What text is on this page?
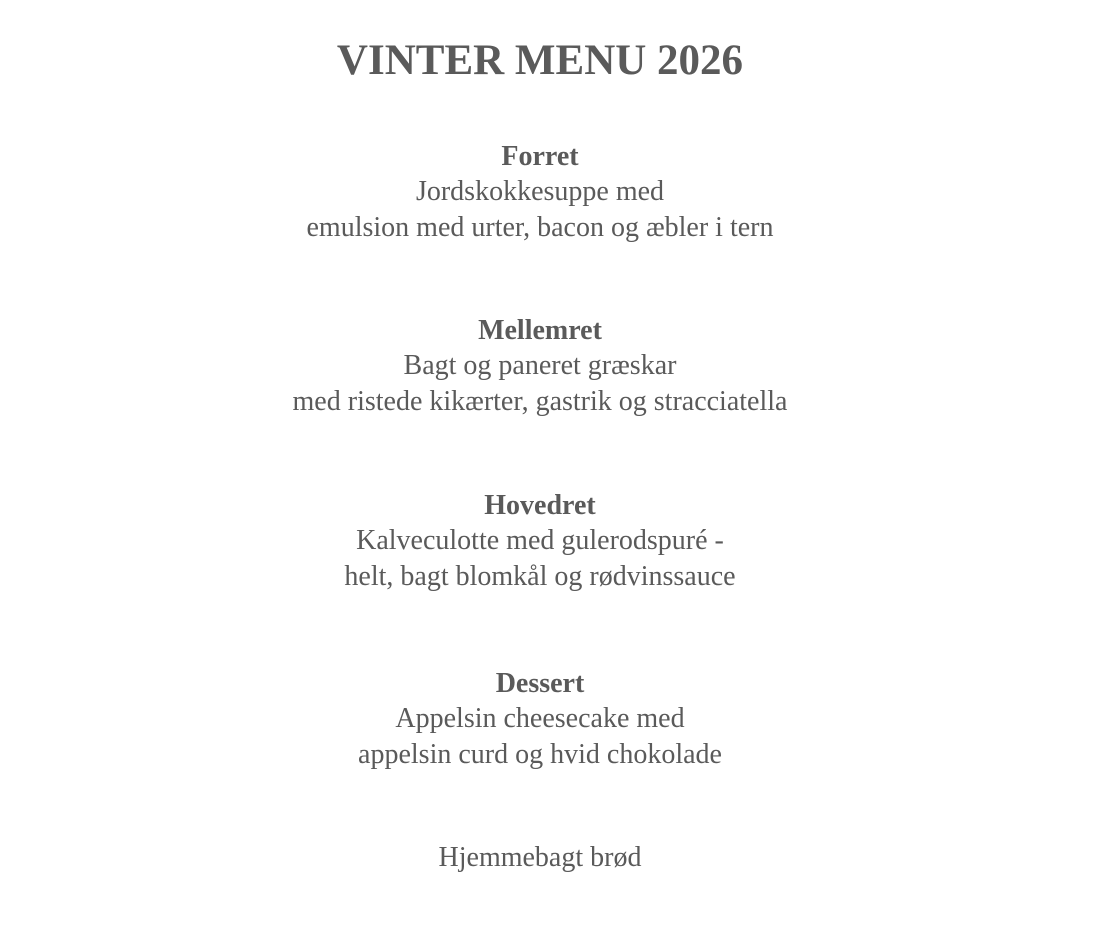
VINTER MENU 2026
Forret
Jordskokkesuppe med
emulsion med urter, bacon og æbler i tern
Mellemret
Bagt og paneret græskar
med ristede kikærter, gastrik og stracciatella
Hovedret
Kalveculotte med gulerodspuré -
helt, bagt blomkål og rødvinssauce
Dessert
Appelsin cheesecake med
appelsin curd og hvid chokolade
Hjemmebagt brød
